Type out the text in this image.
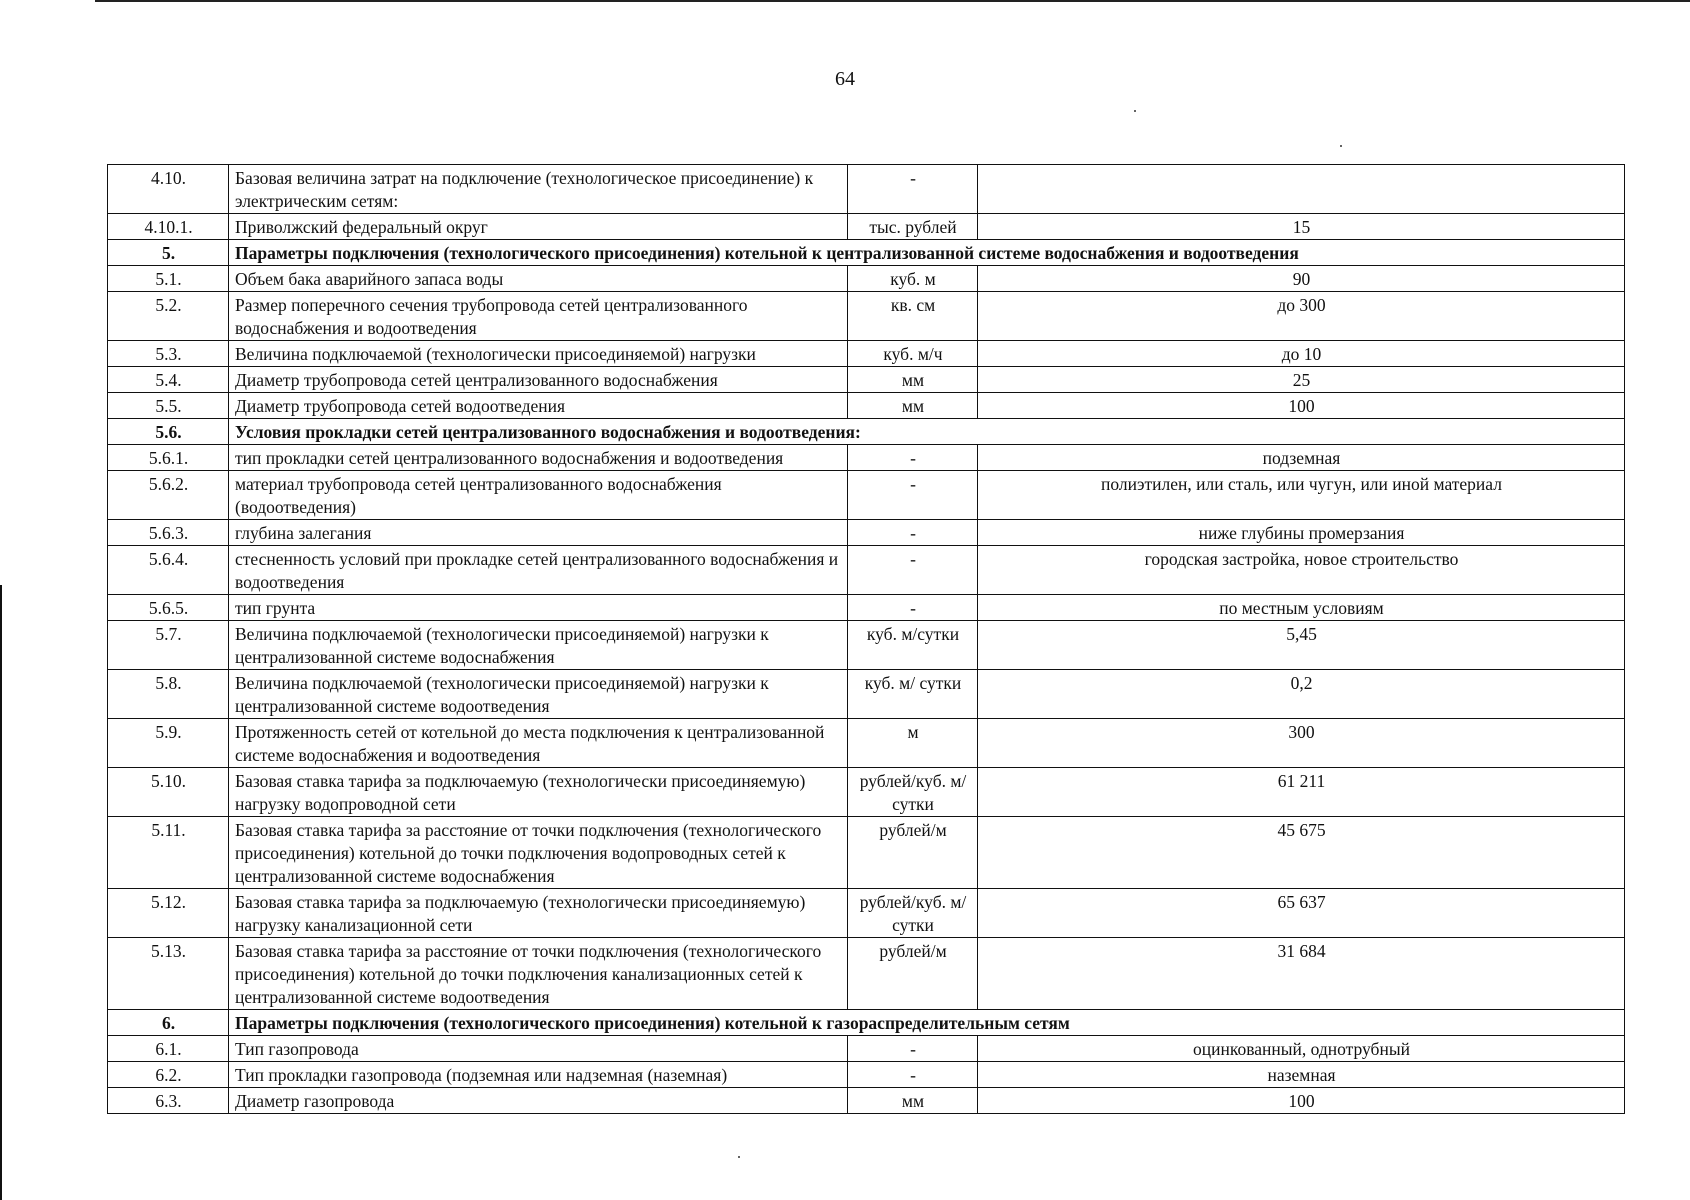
64
4.10.	Базовая величина затрат на подключение (технологическое присоединение) к электрическим сетям:	-	
4.10.1.	Приволжский федеральный округ	тыс. рублей	15
5.	Параметры подключения (технологического присоединения) котельной к централизованной системе водоснабжения и водоотведения		
5.1.	Объем бака аварийного запаса воды	куб. м	90
5.2.	Размер поперечного сечения трубопровода сетей централизованного водоснабжения и водоотведения	кв. см	до 300
5.3.	Величина подключаемой (технологически присоединяемой) нагрузки	куб. м/ч	до 10
5.4.	Диаметр трубопровода сетей централизованного водоснабжения	мм	25
5.5.	Диаметр трубопровода сетей водоотведения	мм	100
5.6.	Условия прокладки сетей централизованного водоснабжения и водоотведения:		
5.6.1.	тип прокладки сетей централизованного водоснабжения и водоотведения	-	подземная
5.6.2.	материал трубопровода сетей централизованного водоснабжения (водоотведения)	-	полиэтилен, или сталь, или чугун, или иной материал
5.6.3.	глубина залегания	-	ниже глубины промерзания
5.6.4.	стесненность условий при прокладке сетей централизованного водоснабжения и водоотведения	-	городская застройка, новое строительство
5.6.5.	тип грунта	-	по местным условиям
5.7.	Величина подключаемой (технологически присоединяемой) нагрузки к централизованной системе водоснабжения	куб. м/сутки	5,45
5.8.	Величина подключаемой (технологически присоединяемой) нагрузки к централизованной системе водоотведения	куб. м/ сутки	0,2
5.9.	Протяженность сетей от котельной до места подключения к централизованной системе водоснабжения и водоотведения	м	300
5.10.	Базовая ставка тарифа за подключаемую (технологически присоединяемую) нагрузку водопроводной сети	рублей/куб. м/сутки	61 211
5.11.	Базовая ставка тарифа за расстояние от точки подключения (технологического присоединения) котельной до точки подключения водопроводных сетей к централизованной системе водоснабжения	рублей/м	45 675
5.12.	Базовая ставка тарифа за подключаемую (технологически присоединяемую) нагрузку канализационной сети	рублей/куб. м/сутки	65 637
5.13.	Базовая ставка тарифа за расстояние от точки подключения (технологического присоединения) котельной до точки подключения канализационных сетей к централизованной системе водоотведения	рублей/м	31 684
6.	Параметры подключения (технологического присоединения) котельной к газораспределительным сетям		
6.1.	Тип газопровода	-	оцинкованный, однотрубный
6.2.	Тип прокладки газопровода (подземная или надземная (наземная)	-	наземная
6.3.	Диаметр газопровода	мм	100
